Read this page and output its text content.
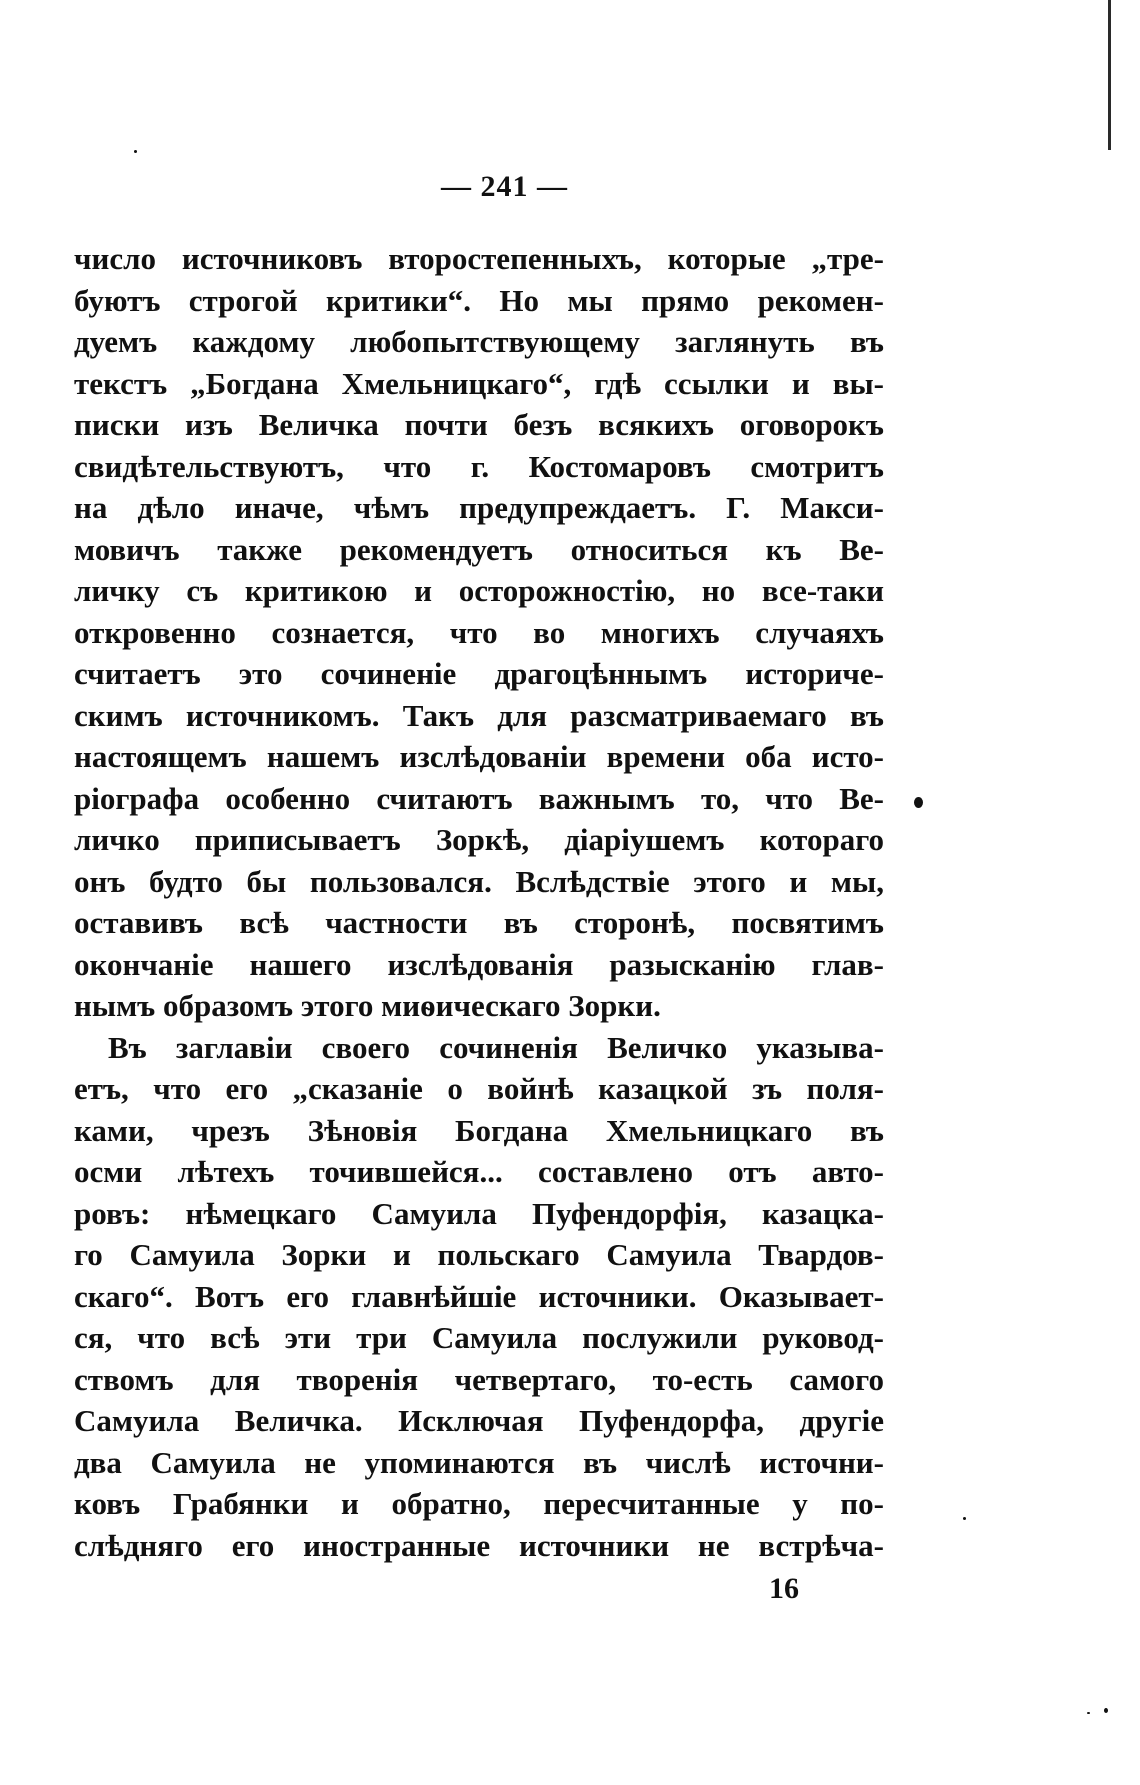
— 241 —
число источниковъ второстепенныхъ, которые „тре-
буютъ строгой критики“. Но мы прямо рекомен-
дуемъ каждому любопытствующему заглянуть въ
текстъ „Богдана Хмельницкаго“, гдѣ ссылки и вы-
писки изъ Величка почти безъ всякихъ оговорокъ
свидѣтельствуютъ, что г. Костомаровъ смотритъ
на дѣло иначе, чѣмъ предупреждаетъ. Г. Макси-
мовичъ также рекомендуетъ относиться къ Ве-
личку съ критикою и осторожностію, но все-таки
откровенно сознается, что во многихъ случаяхъ
считаетъ это сочиненіе драгоцѣннымъ историче-
скимъ источникомъ. Такъ для разсматриваемаго въ
настоящемъ нашемъ изслѣдованіи времени оба исто-
ріографа особенно считаютъ важнымъ то, что Ве-
личко приписываетъ Зоркѣ, діаріушемъ котораго
онъ будто бы пользовался. Вслѣдствіе этого и мы,
оставивъ всѣ частности въ сторонѣ, посвятимъ
окончаніе нашего изслѣдованія разысканію глав-
нымъ образомъ этого миѳическаго Зорки.
Въ заглавіи своего сочиненія Величко указыва-
етъ, что его „сказаніе о войнѣ казацкой зъ поля-
ками, чрезъ Зѣновія Богдана Хмельницкаго въ
осми лѣтехъ точившейся... составлено отъ авто-
ровъ: нѣмецкаго Самуила Пуфендорфія, казацка-
го Самуила Зорки и польскаго Самуила Твардов-
скаго“. Вотъ его главнѣйшіе источники. Оказывает-
ся, что всѣ эти три Самуила послужили руковод-
ствомъ для творенія четвертаго, то-есть самого
Самуила Величка. Исключая Пуфендорфа, другіе
два Самуила не упоминаются въ числѣ источни-
ковъ Грабянки и обратно, пересчитанные у по-
слѣдняго его иностранные источники не встрѣча-
16
